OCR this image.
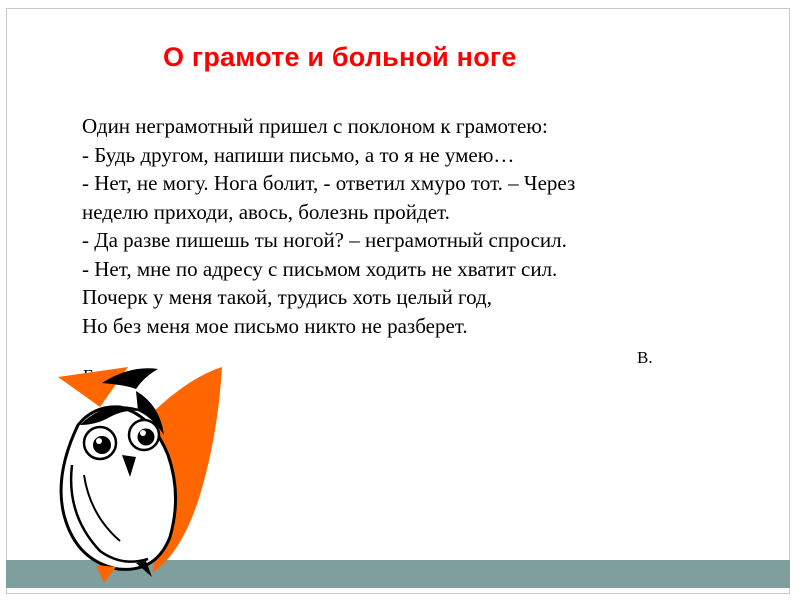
О грамоте и больной ноге
Один неграмотный пришел с поклоном к грамотею:
- Будь другом, напиши письмо, а то я не умею…
- Нет, не могу. Нога болит, - ответил хмуро тот. – Через
неделю приходи, авось, болезнь пройдет.
- Да разве пишешь ты ногой? – неграмотный спросил.
- Нет, мне по адресу с письмом ходить не хватит сил.
Почерк у меня такой, трудись хоть целый год,
Но без меня мое письмо никто не разберет.
В.
